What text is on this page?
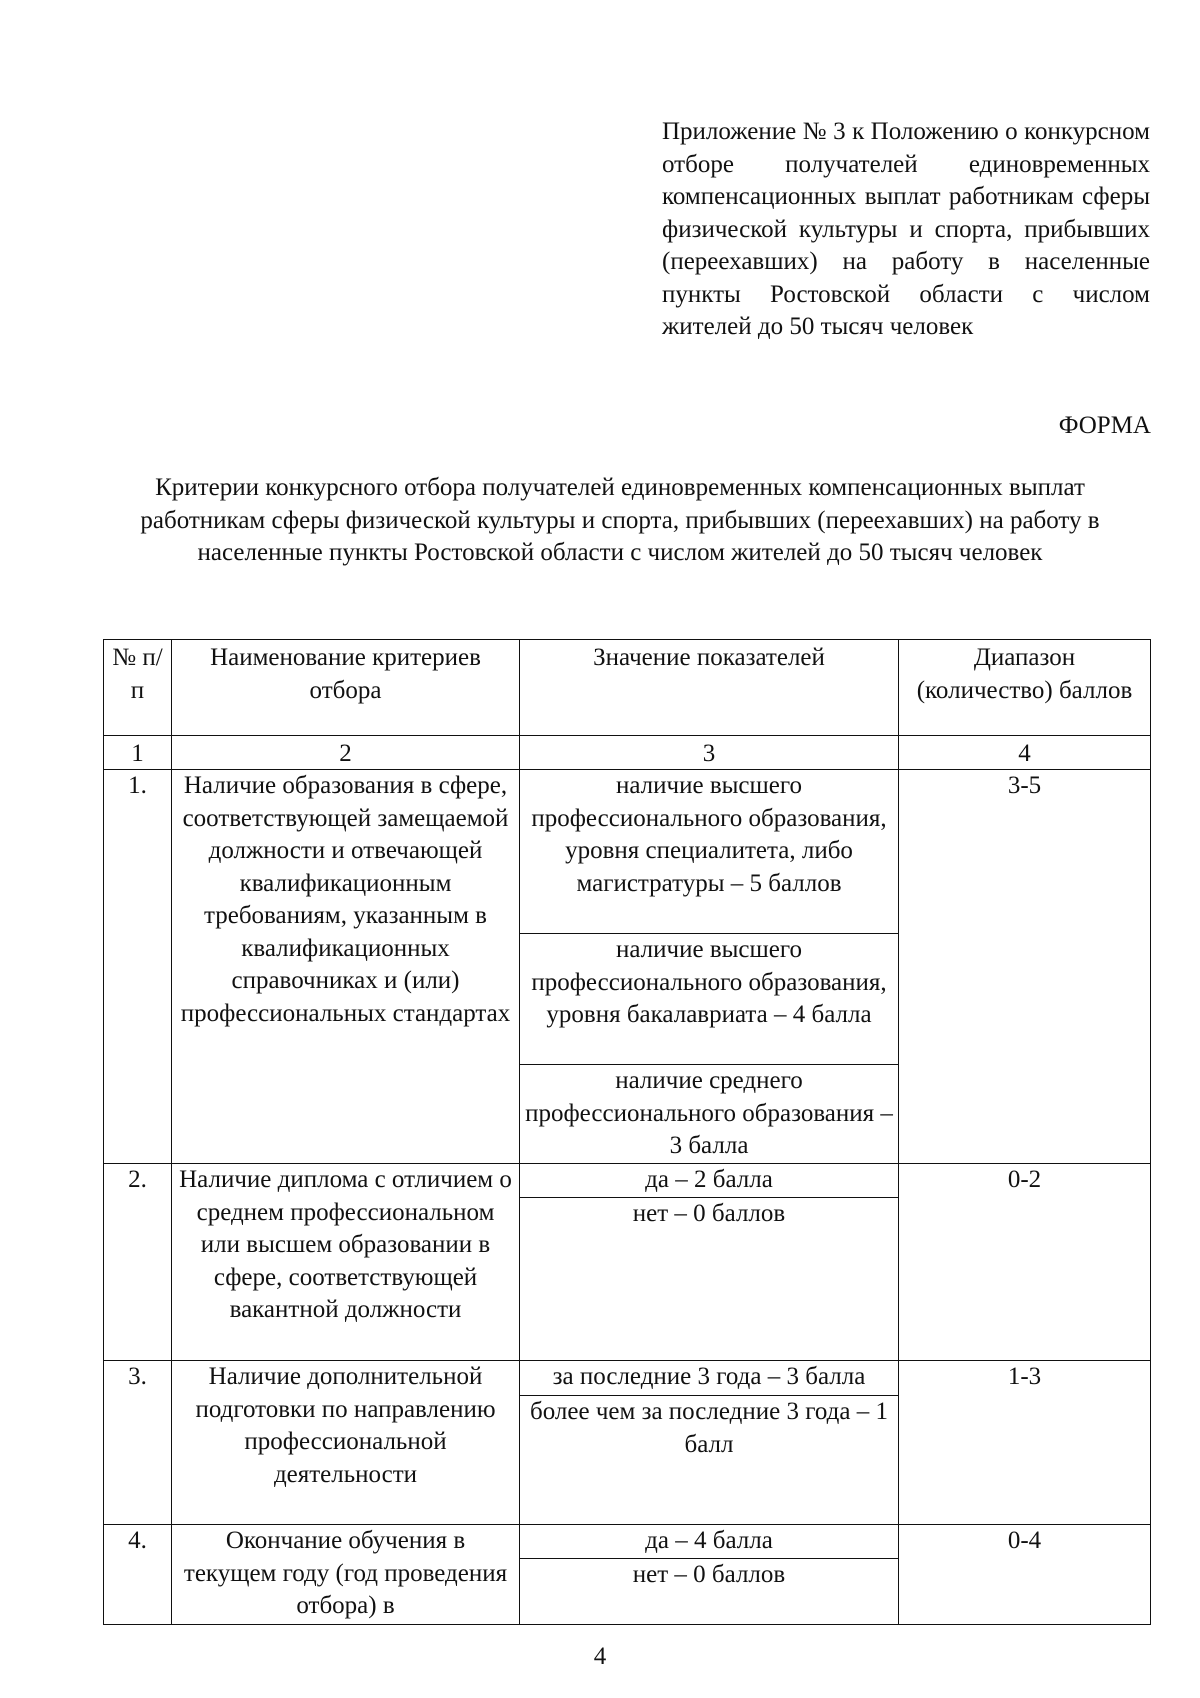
Приложение № 3 к Положению о конкурсном отборе получателей единовременных компенсационных выплат работникам сферы физической культуры и спорта, прибывших (переехавших) на работу в населенные пункты Ростовской области с числом жителей до 50 тысяч человек
ФОРМА
Критерии конкурсного отбора получателей единовременных компенсационных выплат работникам сферы физической культуры и спорта, прибывших (переехавших) на работу в населенные пункты Ростовской области с числом жителей до 50 тысяч человек
№ п/п	Наименование критериев отбора	Значение показателей	Диапазон (количество) баллов
1	2	3	4
1.	Наличие образования в сфере, соответствующей замещаемой должности и отвечающей квалификационным требованиям, указанным в квалификационных справочниках и (или) профессиональных стандартах	наличие высшего профессионального образования, уровня специалитета, либо магистратуры – 5 баллов	3-5
		наличие высшего профессионального образования, уровня бакалавриата – 4 балла	
		наличие среднего профессионального образования – 3 балла	
2.	Наличие диплома с отличием о среднем профессиональном или высшем образовании в сфере, соответствующей вакантной должности	да – 2 балла	0-2
		нет – 0 баллов	
3.	Наличие дополнительной подготовки по направлению профессиональной деятельности	за последние 3 года – 3 балла	1-3
		более чем за последние 3 года – 1 балл	
4.	Окончание обучения в текущем году (год проведения отбора) в	да – 4 балла	0-4
		нет – 0 баллов	
4
